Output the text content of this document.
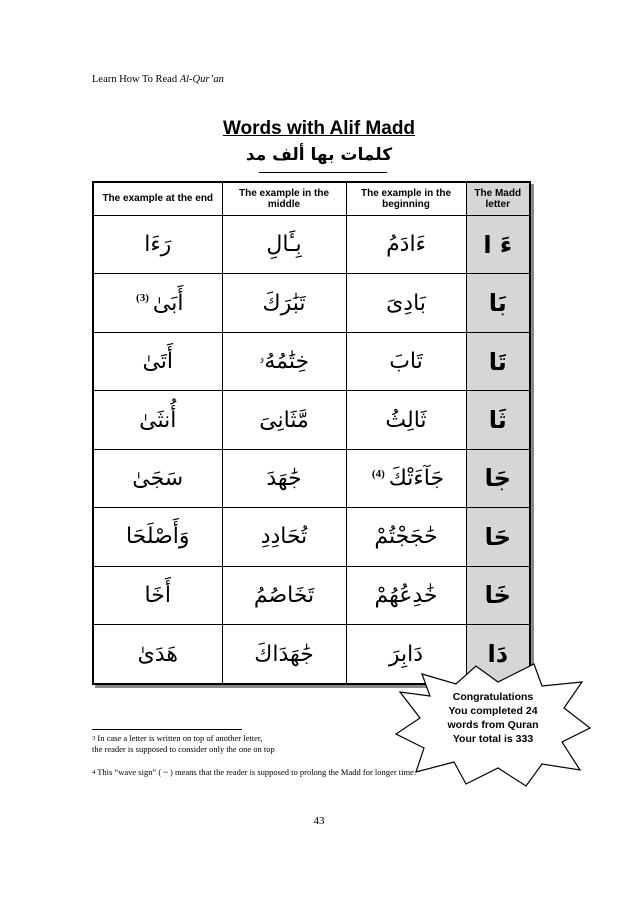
Learn How To Read Al-Qur’an
Words with Alif Madd
كلمات بها ألف مد
The example at the end	The example in the middle	The example in the beginning	The Madd letter
رَءَا	بِـَٔالِ	ءَادَمُ	ءَ ا
أَبَىٰ(3)	تَبَٰرَكَ	بَادِىَ	بَا
أَتَىٰ	خِتَٰمُهُۥ	تَابَ	تَا
أُنثَىٰ	مَّثَانِىَ	ثَالِثُ	ثَا
سَجَىٰ	جَٰهَدَ	جَآءَتْكَ(4)	جَا
وَأَصْلَحَا	تُحَادِدِ	حَٰجَجْتُمْ	حَا
أَخَا	تَخَاصُمُ	خَٰدِعُهُمْ	خَا
هَدَىٰ	جَٰهَدَاكَ	دَابِرَ	دَا
$^3$ In case a letter is written on top of another letter,
the reader is supposed to consider only the one on top
$^4$ This “wave sign” ( ~ ) means that the reader is supposed to prolong the Madd for longer time.
Congratulations
You completed 24
words from Quran
Your total is 333
43
